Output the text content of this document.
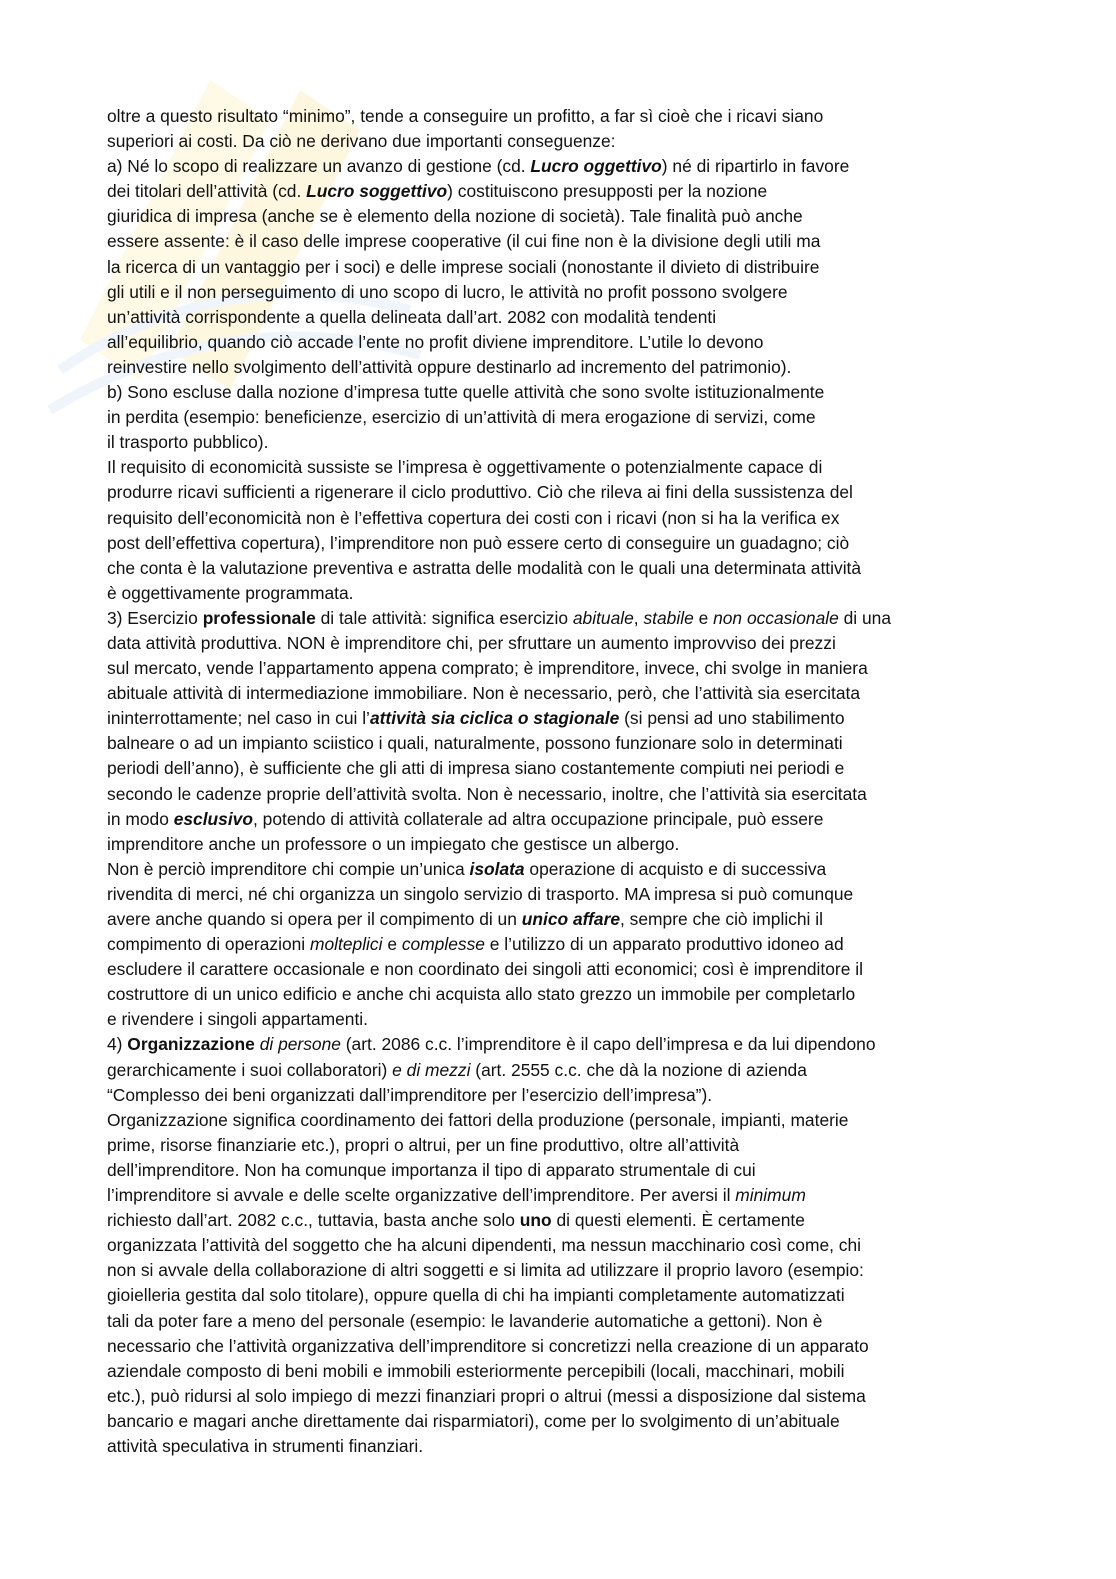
oltre a questo risultato “minimo”, tende a conseguire un profitto, a far sì cioè che i ricavi siano
superiori ai costi. Da ciò ne derivano due importanti conseguenze:
a) Né lo scopo di realizzare un avanzo di gestione (cd. Lucro oggettivo) né di ripartirlo in favore
dei titolari dell’attività (cd. Lucro soggettivo) costituiscono presupposti per la nozione
giuridica di impresa (anche se è elemento della nozione di società). Tale finalità può anche
essere assente: è il caso delle imprese cooperative (il cui fine non è la divisione degli utili ma
la ricerca di un vantaggio per i soci) e delle imprese sociali (nonostante il divieto di distribuire
gli utili e il non perseguimento di uno scopo di lucro, le attività no profit possono svolgere
un’attività corrispondente a quella delineata dall’art. 2082 con modalità tendenti
all’equilibrio, quando ciò accade l’ente no profit diviene imprenditore. L’utile lo devono
reinvestire nello svolgimento dell’attività oppure destinarlo ad incremento del patrimonio).
b) Sono escluse dalla nozione d’impresa tutte quelle attività che sono svolte istituzionalmente
in perdita (esempio: beneficienze, esercizio di un’attività di mera erogazione di servizi, come
il trasporto pubblico).
Il requisito di economicità sussiste se l’impresa è oggettivamente o potenzialmente capace di
produrre ricavi sufficienti a rigenerare il ciclo produttivo. Ciò che rileva ai fini della sussistenza del
requisito dell’economicità non è l’effettiva copertura dei costi con i ricavi (non si ha la verifica ex
post dell’effettiva copertura), l’imprenditore non può essere certo di conseguire un guadagno; ciò
che conta è la valutazione preventiva e astratta delle modalità con le quali una determinata attività
è oggettivamente programmata.
3) Esercizio professionale di tale attività: significa esercizio abituale, stabile e non occasionale di una
data attività produttiva. NON è imprenditore chi, per sfruttare un aumento improvviso dei prezzi
sul mercato, vende l’appartamento appena comprato; è imprenditore, invece, chi svolge in maniera
abituale attività di intermediazione immobiliare. Non è necessario, però, che l’attività sia esercitata
ininterrottamente; nel caso in cui l’attività sia ciclica o stagionale (si pensi ad uno stabilimento
balneare o ad un impianto sciistico i quali, naturalmente, possono funzionare solo in determinati
periodi dell’anno), è sufficiente che gli atti di impresa siano costantemente compiuti nei periodi e
secondo le cadenze proprie dell’attività svolta. Non è necessario, inoltre, che l’attività sia esercitata
in modo esclusivo, potendo di attività collaterale ad altra occupazione principale, può essere
imprenditore anche un professore o un impiegato che gestisce un albergo.
Non è perciò imprenditore chi compie un’unica isolata operazione di acquisto e di successiva
rivendita di merci, né chi organizza un singolo servizio di trasporto. MA impresa si può comunque
avere anche quando si opera per il compimento di un unico affare, sempre che ciò implichi il
compimento di operazioni molteplici e complesse e l’utilizzo di un apparato produttivo idoneo ad
escludere il carattere occasionale e non coordinato dei singoli atti economici; così è imprenditore il
costruttore di un unico edificio e anche chi acquista allo stato grezzo un immobile per completarlo
e rivendere i singoli appartamenti.
4) Organizzazione di persone (art. 2086 c.c. l’imprenditore è il capo dell’impresa e da lui dipendono
gerarchicamente i suoi collaboratori) e di mezzi (art. 2555 c.c. che dà la nozione di azienda
“Complesso dei beni organizzati dall’imprenditore per l’esercizio dell’impresa”).
Organizzazione significa coordinamento dei fattori della produzione (personale, impianti, materie
prime, risorse finanziarie etc.), propri o altrui, per un fine produttivo, oltre all’attività
dell’imprenditore. Non ha comunque importanza il tipo di apparato strumentale di cui
l’imprenditore si avvale e delle scelte organizzative dell’imprenditore. Per aversi il minimum
richiesto dall’art. 2082 c.c., tuttavia, basta anche solo uno di questi elementi. È certamente
organizzata l’attività del soggetto che ha alcuni dipendenti, ma nessun macchinario così come, chi
non si avvale della collaborazione di altri soggetti e si limita ad utilizzare il proprio lavoro (esempio:
gioielleria gestita dal solo titolare), oppure quella di chi ha impianti completamente automatizzati
tali da poter fare a meno del personale (esempio: le lavanderie automatiche a gettoni). Non è
necessario che l’attività organizzativa dell’imprenditore si concretizzi nella creazione di un apparato
aziendale composto di beni mobili e immobili esteriormente percepibili (locali, macchinari, mobili
etc.), può ridursi al solo impiego di mezzi finanziari propri o altrui (messi a disposizione dal sistema
bancario e magari anche direttamente dai risparmiatori), come per lo svolgimento di un’abituale
attività speculativa in strumenti finanziari.
